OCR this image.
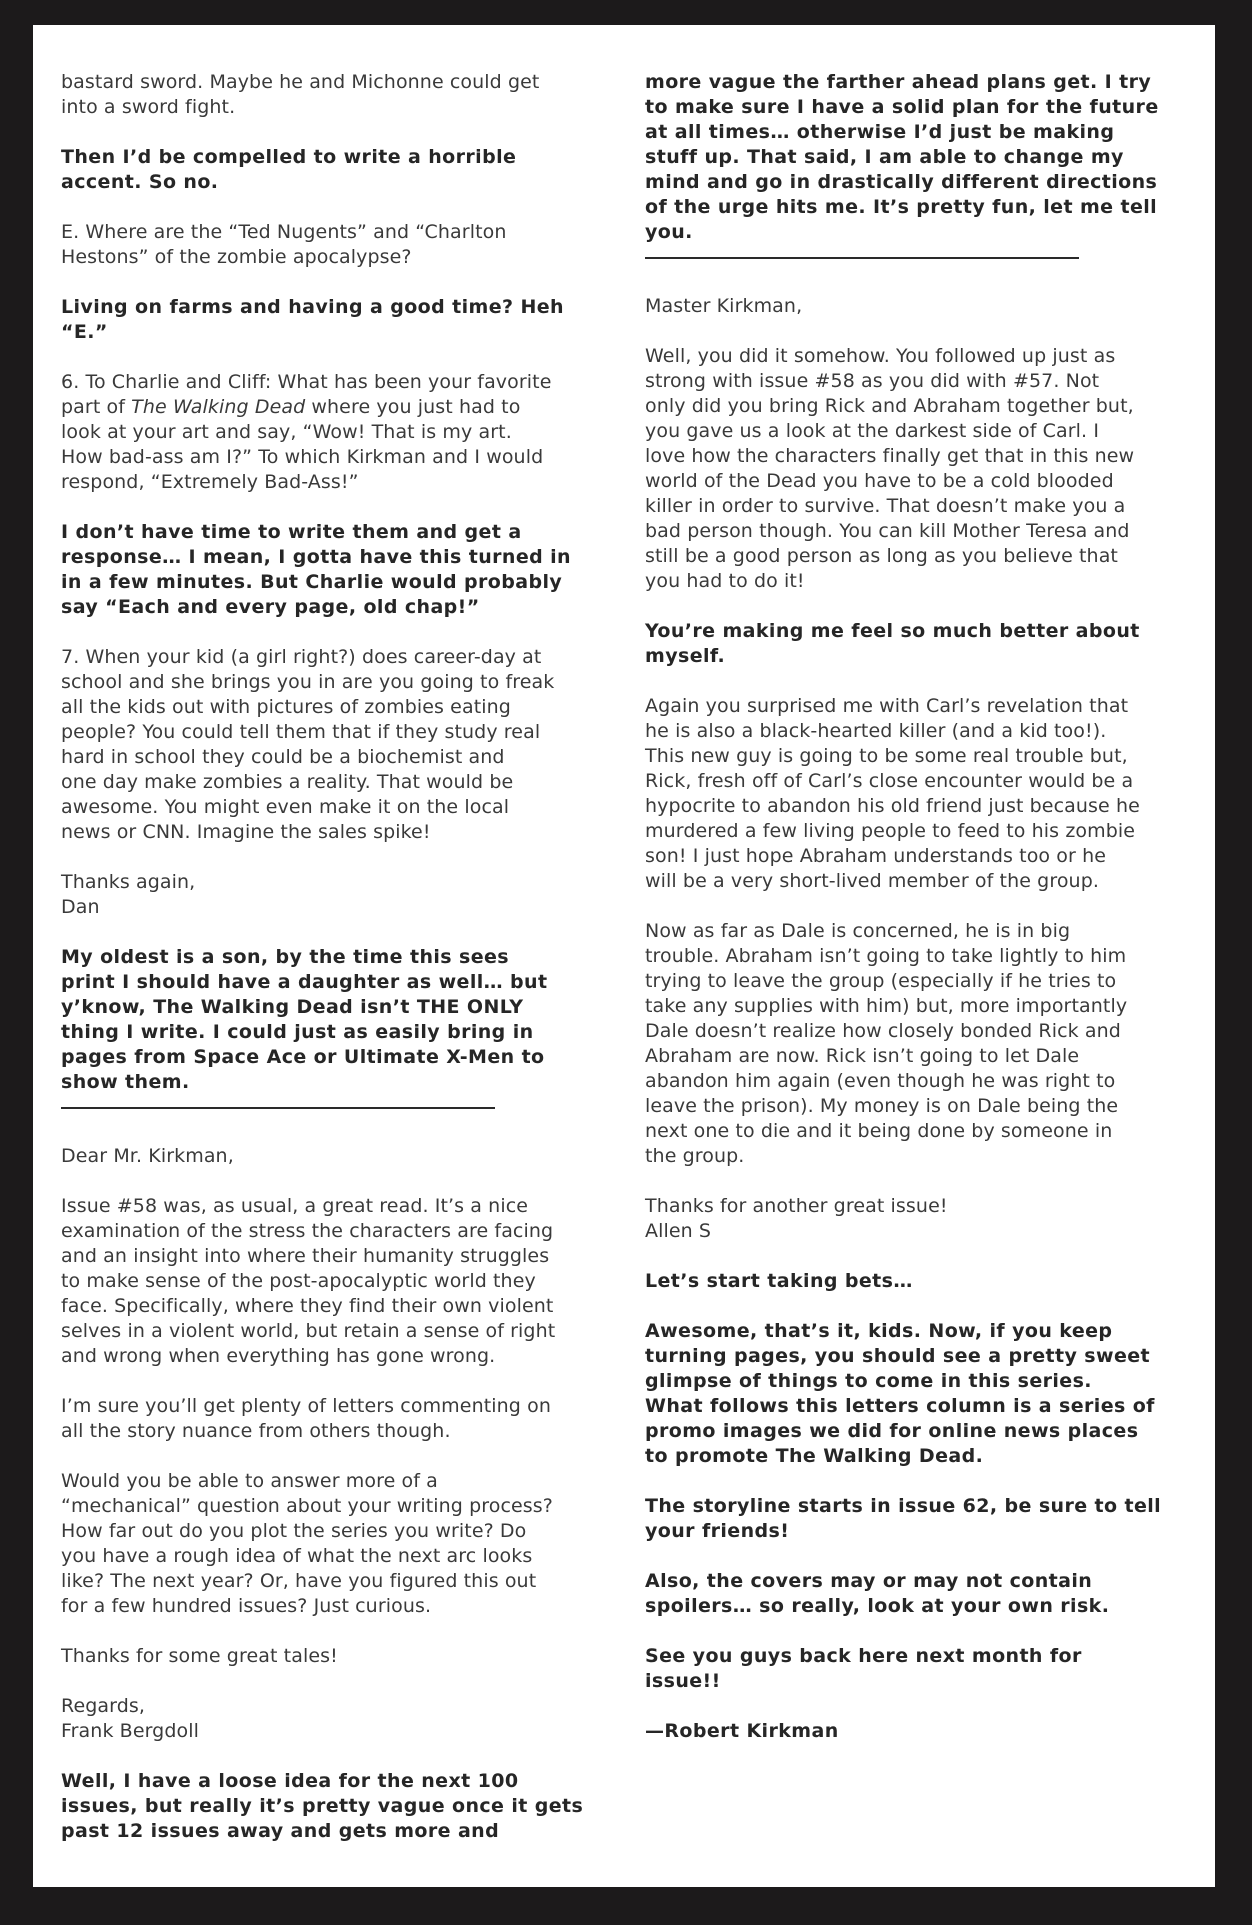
bastard sword. Maybe he and Michonne could get
into a sword fight.

Then I’d be compelled to write a horrible
accent. So no.

E. Where are the “Ted Nugents” and “Charlton
Hestons” of the zombie apocalypse?

Living on farms and having a good time? Heh
“E.”

6. To Charlie and Cliff: What has been your favorite
part of The Walking Dead where you just had to
look at your art and say, “Wow! That is my art.
How bad-ass am I?” To which Kirkman and I would
respond, “Extremely Bad-Ass!”

I don’t have time to write them and get a
response… I mean, I gotta have this turned in
in a few minutes. But Charlie would probably
say “Each and every page, old chap!”

7. When your kid (a girl right?) does career-day at
school and she brings you in are you going to freak
all the kids out with pictures of zombies eating
people? You could tell them that if they study real
hard in school they could be a biochemist and
one day make zombies a reality. That would be
awesome. You might even make it on the local
news or CNN. Imagine the sales spike!

Thanks again,
Dan

My oldest is a son, by the time this sees
print I should have a daughter as well… but
y’know, The Walking Dead isn’t THE ONLY
thing I write. I could just as easily bring in
pages from Space Ace or Ultimate X-Men to
show them.

Dear Mr. Kirkman,

Issue #58 was, as usual, a great read. It’s a nice
examination of the stress the characters are facing
and an insight into where their humanity struggles
to make sense of the post-apocalyptic world they
face. Specifically, where they find their own violent
selves in a violent world, but retain a sense of right
and wrong when everything has gone wrong.

I’m sure you’ll get plenty of letters commenting on
all the story nuance from others though.

Would you be able to answer more of a
“mechanical” question about your writing process?
How far out do you plot the series you write? Do
you have a rough idea of what the next arc looks
like? The next year? Or, have you figured this out
for a few hundred issues? Just curious.

Thanks for some great tales!

Regards,
Frank Bergdoll

Well, I have a loose idea for the next 100
issues, but really it’s pretty vague once it gets
past 12 issues away and gets more and

more vague the farther ahead plans get. I try
to make sure I have a solid plan for the future
at all times… otherwise I’d just be making
stuff up. That said, I am able to change my
mind and go in drastically different directions
of the urge hits me. It’s pretty fun, let me tell
you.

Master Kirkman,

Well, you did it somehow. You followed up just as
strong with issue #58 as you did with #57. Not
only did you bring Rick and Abraham together but,
you gave us a look at the darkest side of Carl. I
love how the characters finally get that in this new
world of the Dead you have to be a cold blooded
killer in order to survive. That doesn’t make you a
bad person though. You can kill Mother Teresa and
still be a good person as long as you believe that
you had to do it!

You’re making me feel so much better about
myself.

Again you surprised me with Carl’s revelation that
he is also a black-hearted killer (and a kid too!).
This new guy is going to be some real trouble but,
Rick, fresh off of Carl’s close encounter would be a
hypocrite to abandon his old friend just because he
murdered a few living people to feed to his zombie
son! I just hope Abraham understands too or he
will be a very short-lived member of the group.

Now as far as Dale is concerned, he is in big
trouble. Abraham isn’t going to take lightly to him
trying to leave the group (especially if he tries to
take any supplies with him) but, more importantly
Dale doesn’t realize how closely bonded Rick and
Abraham are now. Rick isn’t going to let Dale
abandon him again (even though he was right to
leave the prison). My money is on Dale being the
next one to die and it being done by someone in
the group.

Thanks for another great issue!
Allen S

Let’s start taking bets…

Awesome, that’s it, kids. Now, if you keep
turning pages, you should see a pretty sweet
glimpse of things to come in this series.
What follows this letters column is a series of
promo images we did for online news places
to promote The Walking Dead.

The storyline starts in issue 62, be sure to tell
your friends!

Also, the covers may or may not contain
spoilers… so really, look at your own risk.

See you guys back here next month for
issue!!

—Robert Kirkman
